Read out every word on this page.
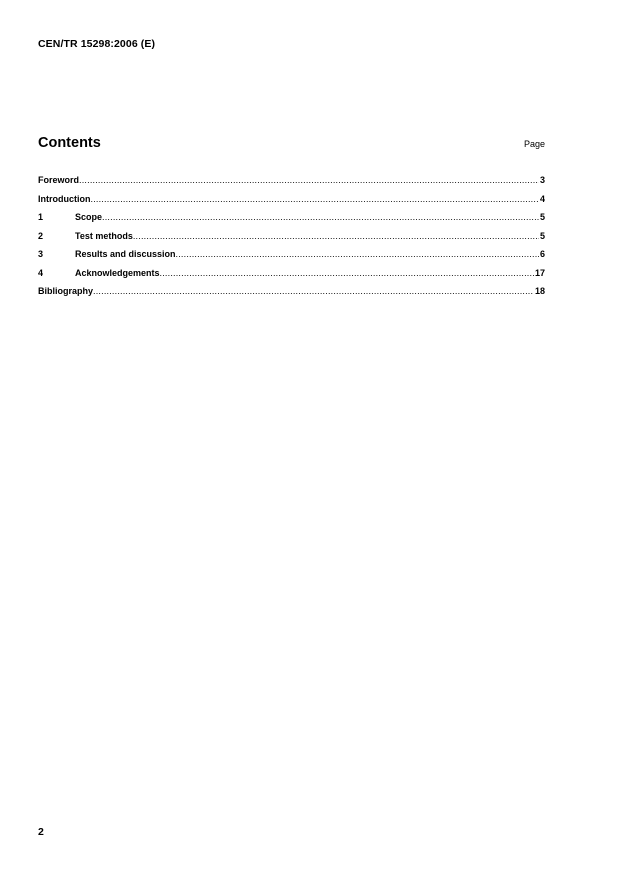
CEN/TR 15298:2006 (E)
Contents	Page
Foreword .....	3
Introduction .....	4
1	Scope .....	5
2	Test methods .....	5
3	Results and discussion .....	6
4	Acknowledgements .....	17
Bibliography .....	18
2
